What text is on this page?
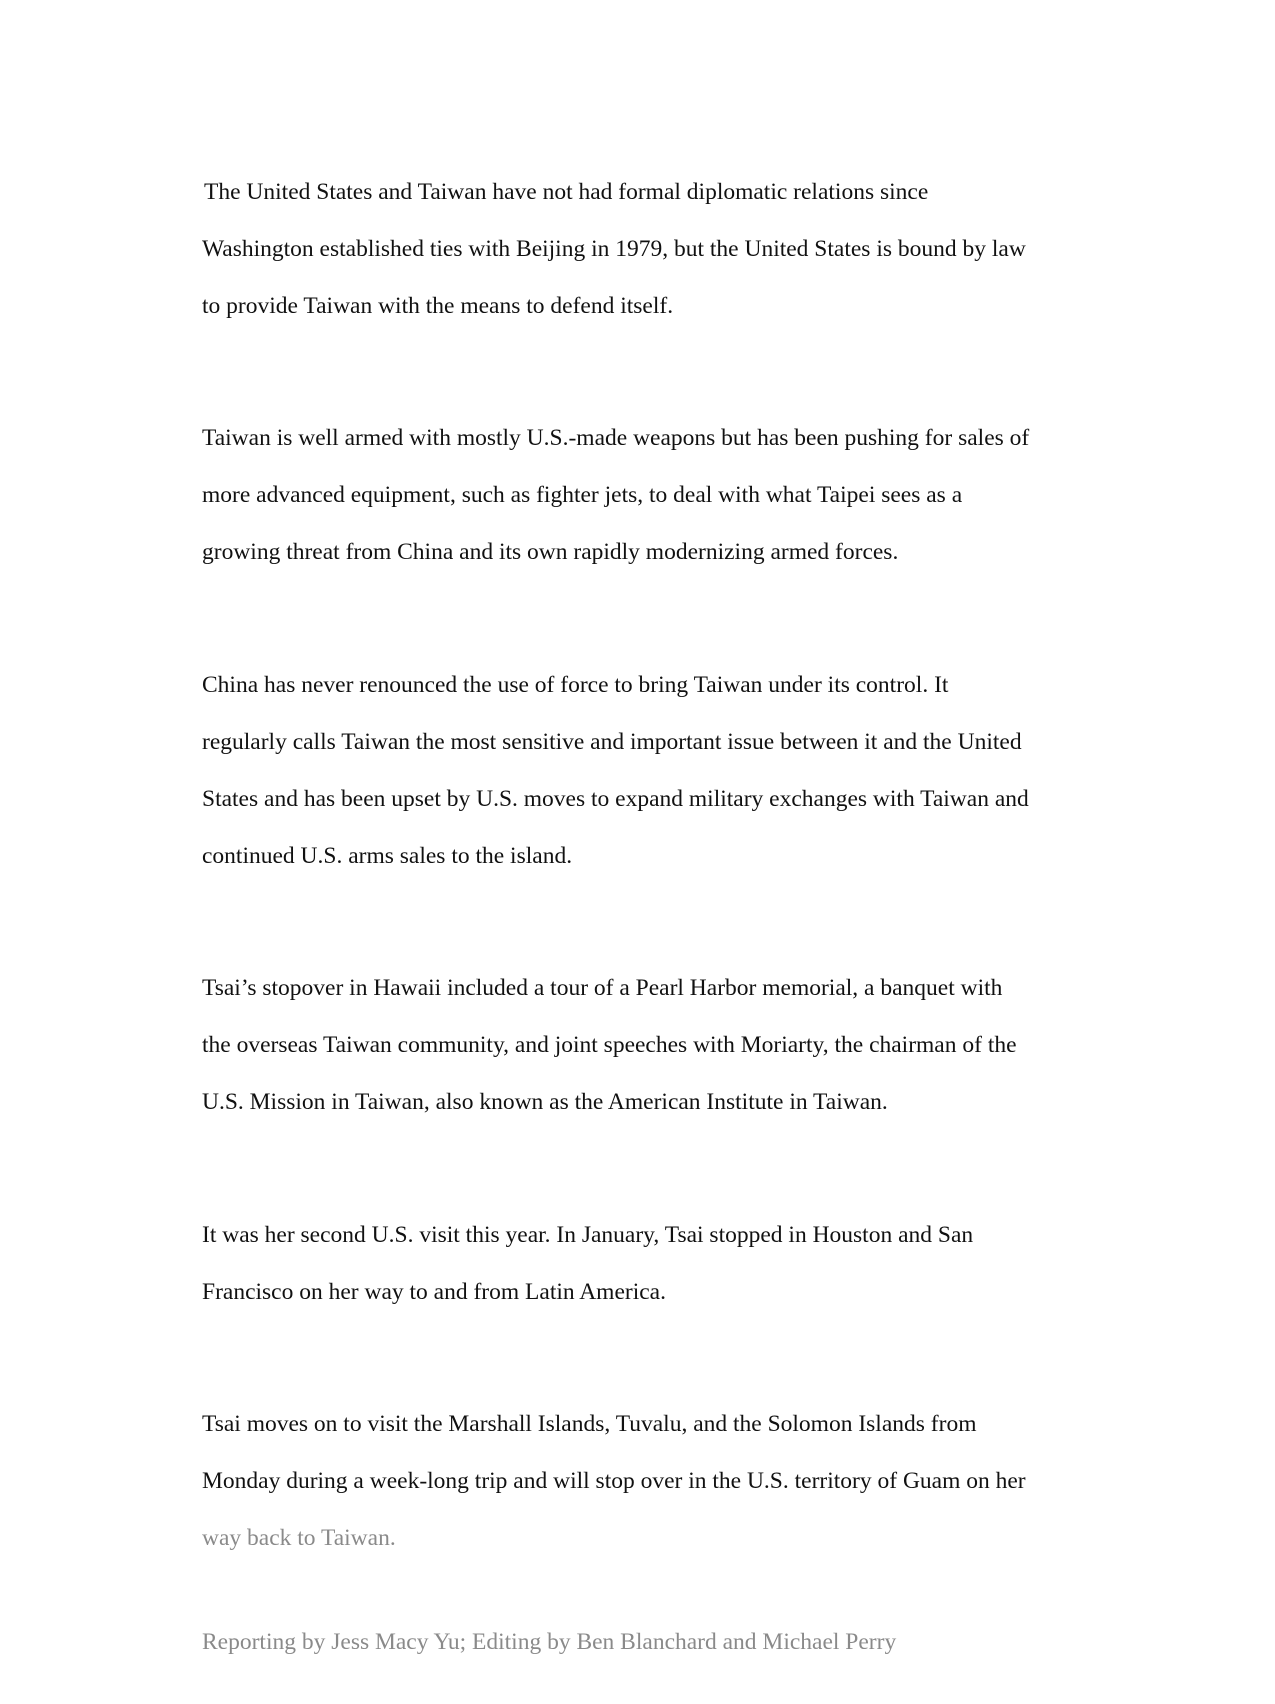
The United States and Taiwan have not had formal diplomatic relations since

Washington established ties with Beijing in 1979, but the United States is bound by law

to provide Taiwan with the means to defend itself.

Taiwan is well armed with mostly U.S.-made weapons but has been pushing for sales of

more advanced equipment, such as fighter jets, to deal with what Taipei sees as a

growing threat from China and its own rapidly modernizing armed forces.

China has never renounced the use of force to bring Taiwan under its control. It

regularly calls Taiwan the most sensitive and important issue between it and the United

States and has been upset by U.S. moves to expand military exchanges with Taiwan and

continued U.S. arms sales to the island.

Tsai’s stopover in Hawaii included a tour of a Pearl Harbor memorial, a banquet with

the overseas Taiwan community, and joint speeches with Moriarty, the chairman of the

U.S. Mission in Taiwan, also known as the American Institute in Taiwan.

It was her second U.S. visit this year. In January, Tsai stopped in Houston and San

Francisco on her way to and from Latin America.

Tsai moves on to visit the Marshall Islands, Tuvalu, and the Solomon Islands from

Monday during a week-long trip and will stop over in the U.S. territory of Guam on her

way back to Taiwan.

Reporting by Jess Macy Yu; Editing by Ben Blanchard and Michael Perry
